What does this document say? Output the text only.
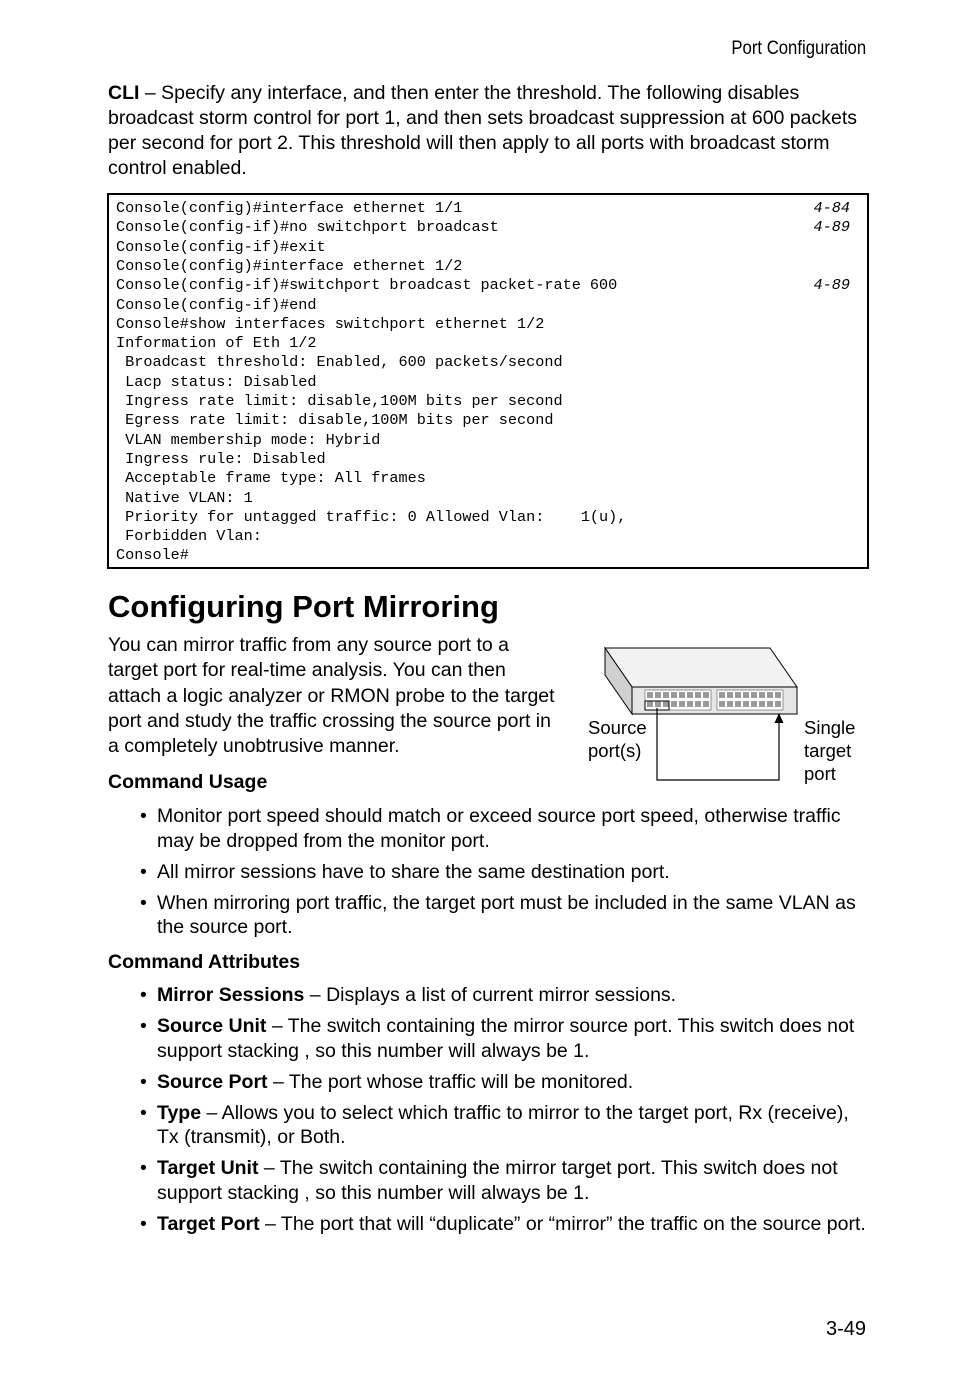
Port Configuration

CLI – Specify any interface, and then enter the threshold. The following disables broadcast storm control for port 1, and then sets broadcast suppression at 600 packets per second for port 2. This threshold will then apply to all ports with broadcast storm control enabled.

Console(config)#interface ethernet 1/1	4-84
Console(config-if)#no switchport broadcast	4-89
Console(config-if)#exit
Console(config)#interface ethernet 1/2
Console(config-if)#switchport broadcast packet-rate 600	4-89
Console(config-if)#end
Console#show interfaces switchport ethernet 1/2
Information of Eth 1/2
Broadcast threshold: Enabled, 600 packets/second
Lacp status: Disabled
Ingress rate limit: disable,100M bits per second
Egress rate limit: disable,100M bits per second
VLAN membership mode: Hybrid
Ingress rule: Disabled
Acceptable frame type: All frames
Native VLAN: 1
Priority for untagged traffic: 0 Allowed Vlan:    1(u),
Forbidden Vlan:
Console#
Configuring Port Mirroring

You can mirror traffic from any source port to a target port for real-time analysis. You can then attach a logic analyzer or RMON probe to the target port and study the traffic crossing the source port in a completely unobtrusive manner.

Source
port(s)
Single
target
port
Command Usage
• Monitor port speed should match or exceed source port speed, otherwise traffic may be dropped from the monitor port.
• All mirror sessions have to share the same destination port.
• When mirroring port traffic, the target port must be included in the same VLAN as the source port.
Command Attributes
• Mirror Sessions – Displays a list of current mirror sessions.
• Source Unit – The switch containing the mirror source port. This switch does not support stacking , so this number will always be 1.
• Source Port – The port whose traffic will be monitored.
• Type – Allows you to select which traffic to mirror to the target port, Rx (receive), Tx (transmit), or Both.
• Target Unit – The switch containing the mirror target port. This switch does not support stacking , so this number will always be 1.
• Target Port – The port that will “duplicate” or “mirror” the traffic on the source port.
3-49
